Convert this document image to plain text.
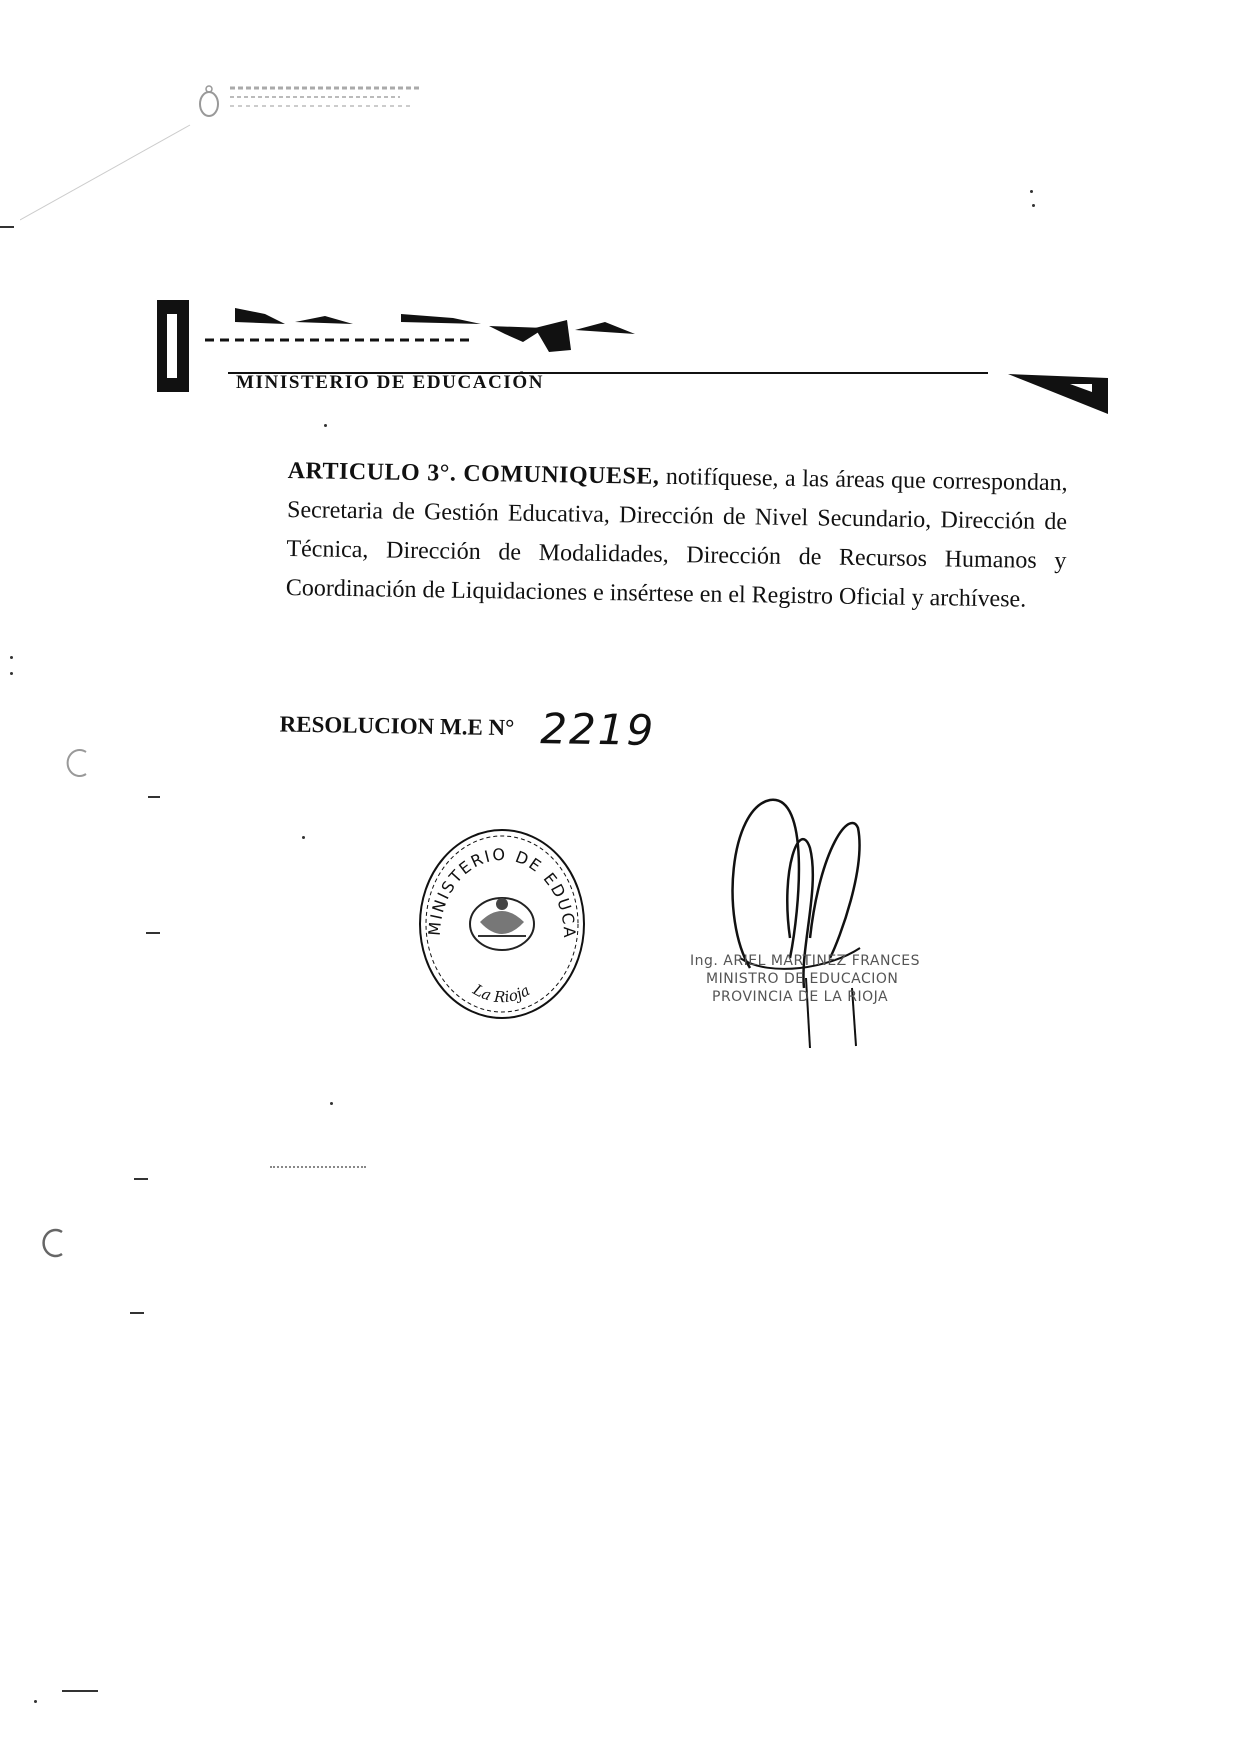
MINISTERIO DE EDUCACIÓN
ARTICULO 3°. COMUNIQUESE, notifíquese, a las áreas que correspondan, Secretaria de Gestión Educativa, Dirección de Nivel Secundario, Dirección de Técnica, Dirección de Modalidades, Dirección de Recursos Humanos y Coordinación de Liquidaciones e insértese en el Registro Oficial y archívese.
RESOLUCION M.E N° 2219
MINISTERIO DE EDUCA
La Rioja
Ing. ARIEL MARTINEZ FRANCES
MINISTRO DE EDUCACION
PROVINCIA DE LA RIOJA
